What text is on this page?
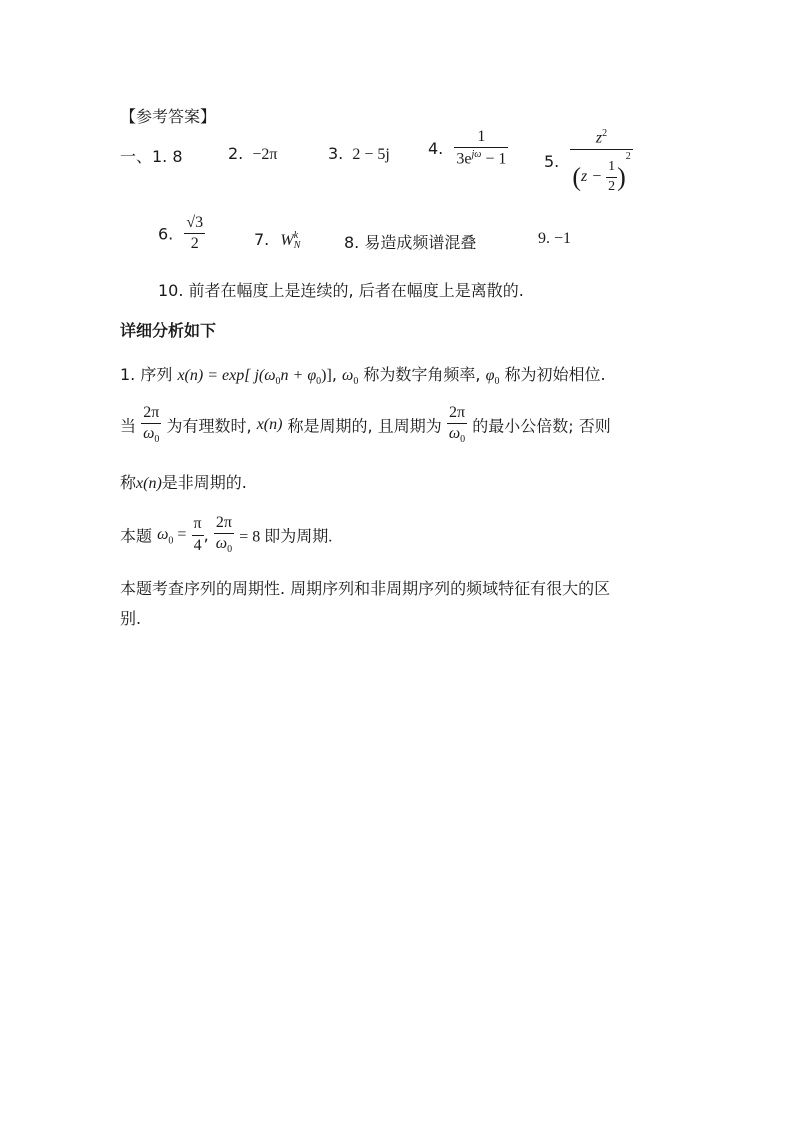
【参考答案】
一、1. 8	2. −2π	3. 2 − 5j 4. $\frac{1}{3e^{j\omega} - 1} 5$. $\frac{z^2}{(z - \frac{1}{2} )^2}$
6. $\frac{√3}{2}$	7. W k
N	8. 易造成频谱混叠	9. −1
10. 前者在幅度上是连续的, 后者在幅度上是离散的.
详细分析如下
1. 序列 x(n) = exp[ $j(\omega_0n + \varphi_0)$], $\omega_0$ 称为数字角频率, $\varphi_0$ 称为初始相位.
当 $\frac{2\pi}{\omega_0}$ 为有理数时, x(n) 称是周期的, 且周期为 $\frac{2\pi}{\omega_0}$ 的最小公倍数; 否则
称x(n)是非周期的.
本题 $\omega_0 = \frac{\pi}{4}$ , $\frac{2\pi}{\omega_0} = 8$ 即为周期.
本题考查序列的周期性. 周期序列和非周期序列的频域特征有很大的区
别.
